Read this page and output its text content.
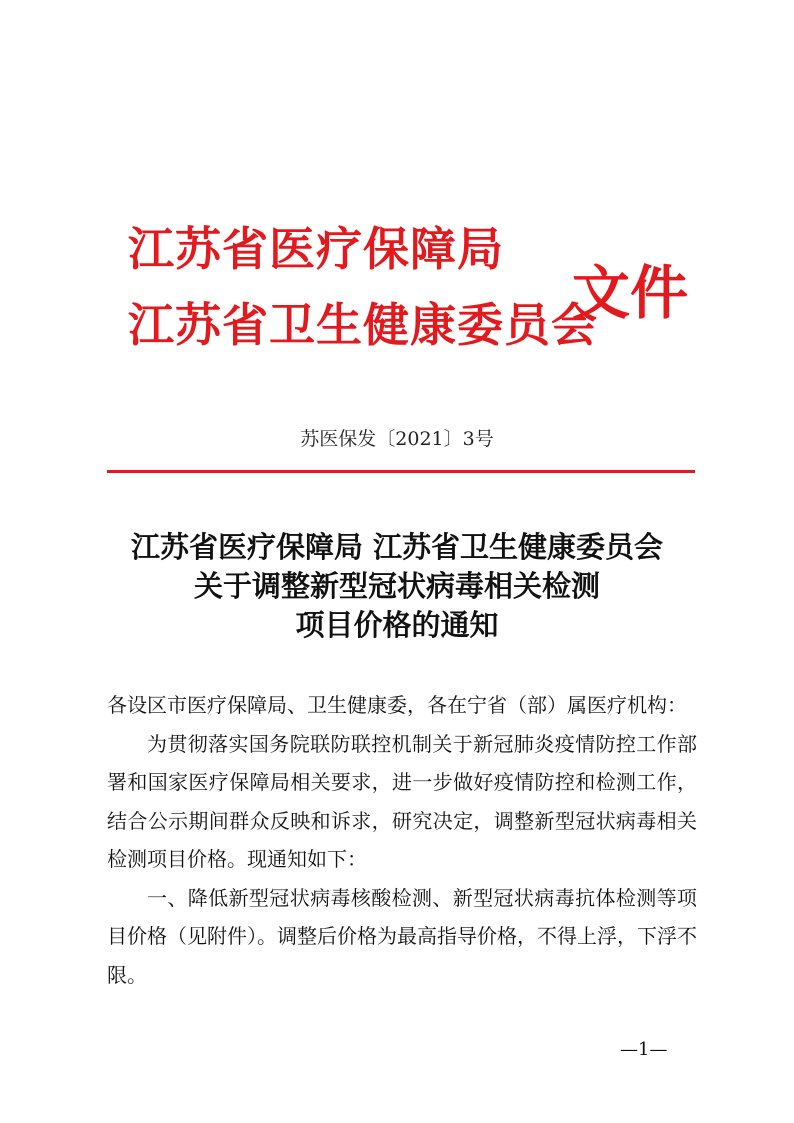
江苏省医疗保障局
江苏省卫生健康委员会
文件
苏医保发〔2021〕3号
江苏省医疗保障局 江苏省卫生健康委员会
关于调整新型冠状病毒相关检测
项目价格的通知

各设区市医疗保障局、卫生健康委，各在宁省（部）属医疗机构：

为贯彻落实国务院联防联控机制关于新冠肺炎疫情防控工作部署和国家医疗保障局相关要求，进一步做好疫情防控和检测工作，结合公示期间群众反映和诉求，研究决定，调整新型冠状病毒相关检测项目价格。现通知如下：

一、降低新型冠状病毒核酸检测、新型冠状病毒抗体检测等项目价格（见附件）。调整后价格为最高指导价格，不得上浮，下浮不限。

—1—
